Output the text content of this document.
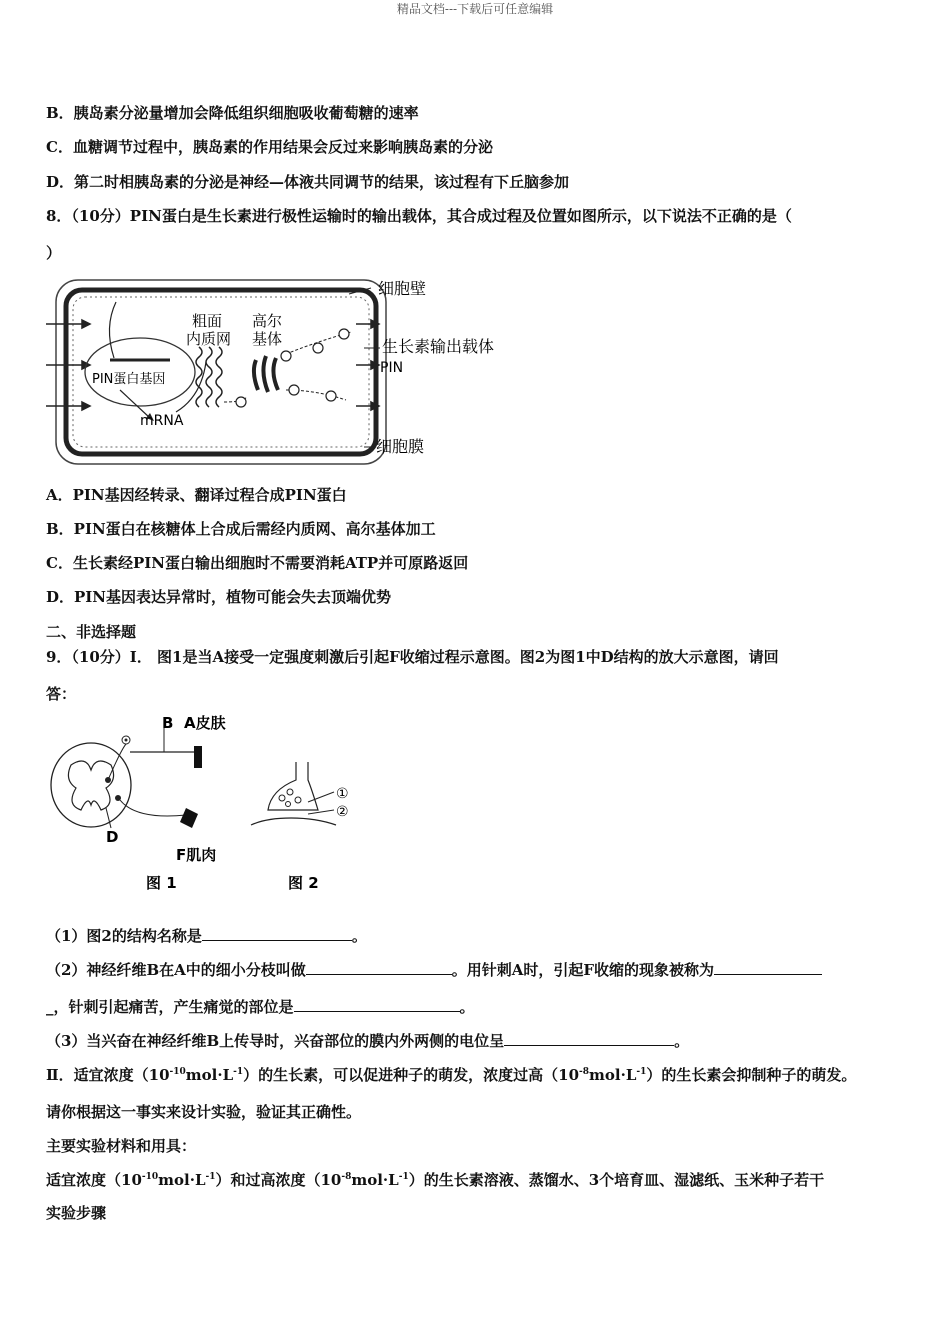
精品文档---下载后可任意编辑
B．胰岛素分泌量增加会降低组织细胞吸收葡萄糖的速率
C．血糖调节过程中，胰岛素的作用结果会反过来影响胰岛素的分泌
D．第二时相胰岛素的分泌是神经—体液共同调节的结果，该过程有下丘脑参加
8．（10分）PIN蛋白是生长素进行极性运输时的输出载体，其合成过程及位置如图所示，以下说法不正确的是（
）
PIN蛋白基因
mRNA
粗面
内质网
高尔
基体
细胞壁
生长素输出载体
PIN
细胞膜
A．PIN基因经转录、翻译过程合成PIN蛋白
B．PIN蛋白在核糖体上合成后需经内质网、高尔基体加工
C．生长素经PIN蛋白输出细胞时不需要消耗ATP并可原路返回
D．PIN基因表达异常时，植物可能会失去顶端优势
二、非选择题
9．（10分）Ⅰ． 图1是当A接受一定强度刺激后引起F收缩过程示意图。图2为图1中D结构的放大示意图，请回
答：
B A皮肤
D
F肌肉
图 1
①
②
图 2
（1）图2的结构名称是	。
（2）神经纤维B在A中的细小分枝叫做	。用针刺A时，引起F收缩的现象被称为
_，针刺引起痛苦，产生痛觉的部位是	。
（3）当兴奋在神经纤维B上传导时，兴奋部位的膜内外两侧的电位呈	。
Ⅱ．适宜浓度$(10^{-10}mol\cdot L^{-1})$的生长素，可以促进种子的萌发，浓度过高$(10^{-8}mol\cdot L^{-1})$的生长素会抑制种子的萌发。
请你根据这一事实来设计实验，验证其正确性。
主要实验材料和用具：
适宜浓度$(10^{-10}mol\cdot L^{-1})$和过高浓度$(10^{-8}mol\cdot L^{-1})$的生长素溶液、蒸馏水、3个培育皿、湿滤纸、玉米种子若干
实验步骤
